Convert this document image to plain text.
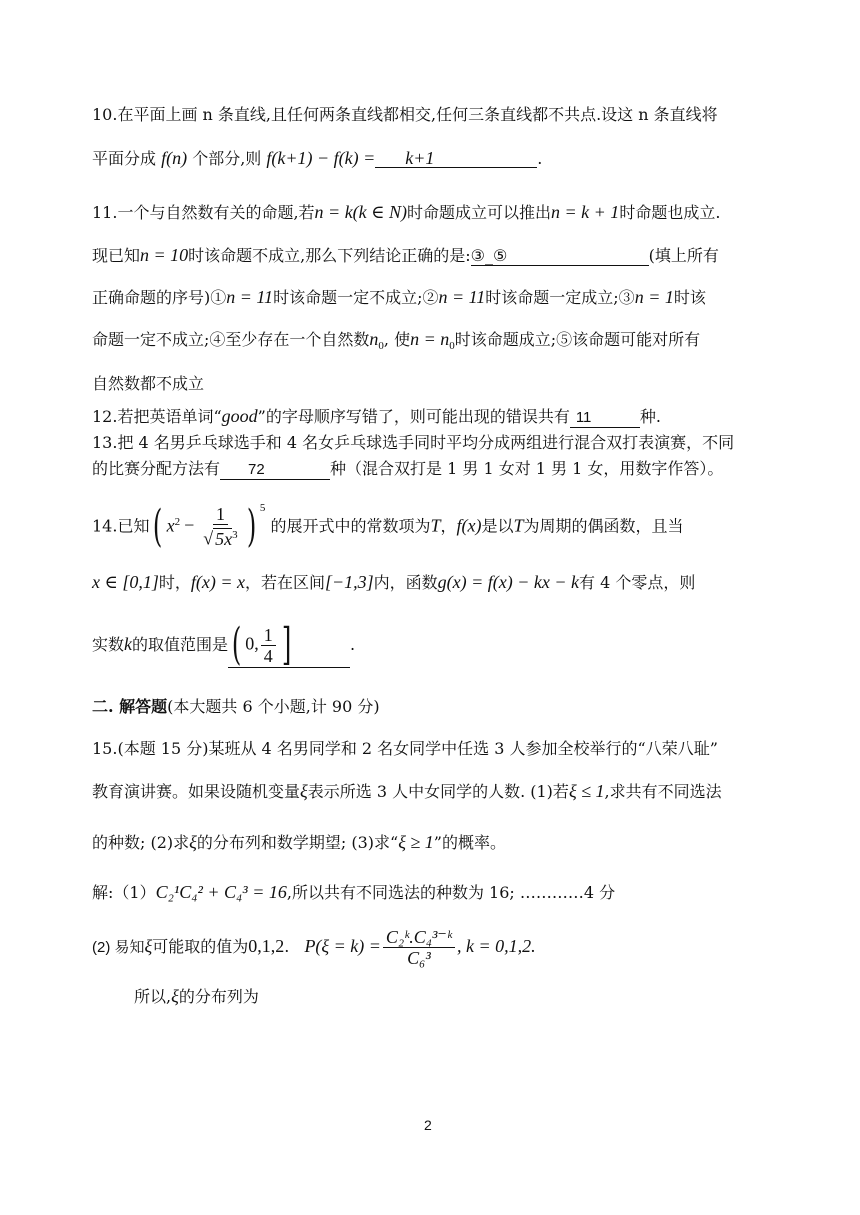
10.在平面上画 n 条直线,且任何两条直线都相交,任何三条直线都不共点.设这 n 条直线将
平面分成 f(n) 个部分,则 f(k+1) − f(k) = k+1	.
11.一个与自然数有关的命题,若n = k(k ∈ N)时命题成立可以推出n = k + 1时命题也成立.
现已知n = 10时该命题不成立,那么下列结论正确的是:③_⑤	(填上所有
正确命题的序号)①n = 11时该命题一定不成立;②n = 11时该命题一定成立;③n = 1时该
命题一定不成立;④至少存在一个自然数$n_0$, 使$n = n_0$时该命题成立;⑤该命题可能对所有
自然数都不成立
12.若把英语单词“good”的字母顺序写错了，则可能出现的错误共有 11	种.
13.把 4 名男乒乓球选手和 4 名女乒乓球选手同时平均分成两组进行混合双打表演赛，不同
的比赛分配方法有 72	种（混合双打是 1 男 1 女对 1 男 1 女，用数字作答）。
14.已知( $x^2 - \frac{1}{√ 5x^3}$ ) $^5$ 的展开式中的常数项为T，f(x)是以T为周期的偶函数，且当
x ∈ [0,1]时，f(x) = x，若在区间[−1,3]内，函数g(x) = f(x) − kx − k有 4 个零点，则
实数k的取值范围是( 0, $\frac{1}{4}$ ]	.
二. 解答题(本大题共 6 个小题,计 90 分)
15.(本题 15 分)某班从 4 名男同学和 2 名女同学中任选 3 人参加全校举行的“八荣八耻”
教育演讲赛。如果设随机变量ξ表示所选 3 人中女同学的人数. (1)若ξ ≤ 1,求共有不同选法
的种数; (2)求ξ的分布列和数学期望; (3)求“ξ ≥ 1”的概率。
解:（1）C₂¹C₄² + C₄³ = 16,所以共有不同选法的种数为 16; …………4 分
(2) 易知ξ可能取的值为0,1,2. $P(\xi = k) = \frac{\text{C₂ᵏ.C₄³⁻ᵏ}}{\text{C₆³}}$ , k = 0,1,2.
所以,ξ的分布列为
2
